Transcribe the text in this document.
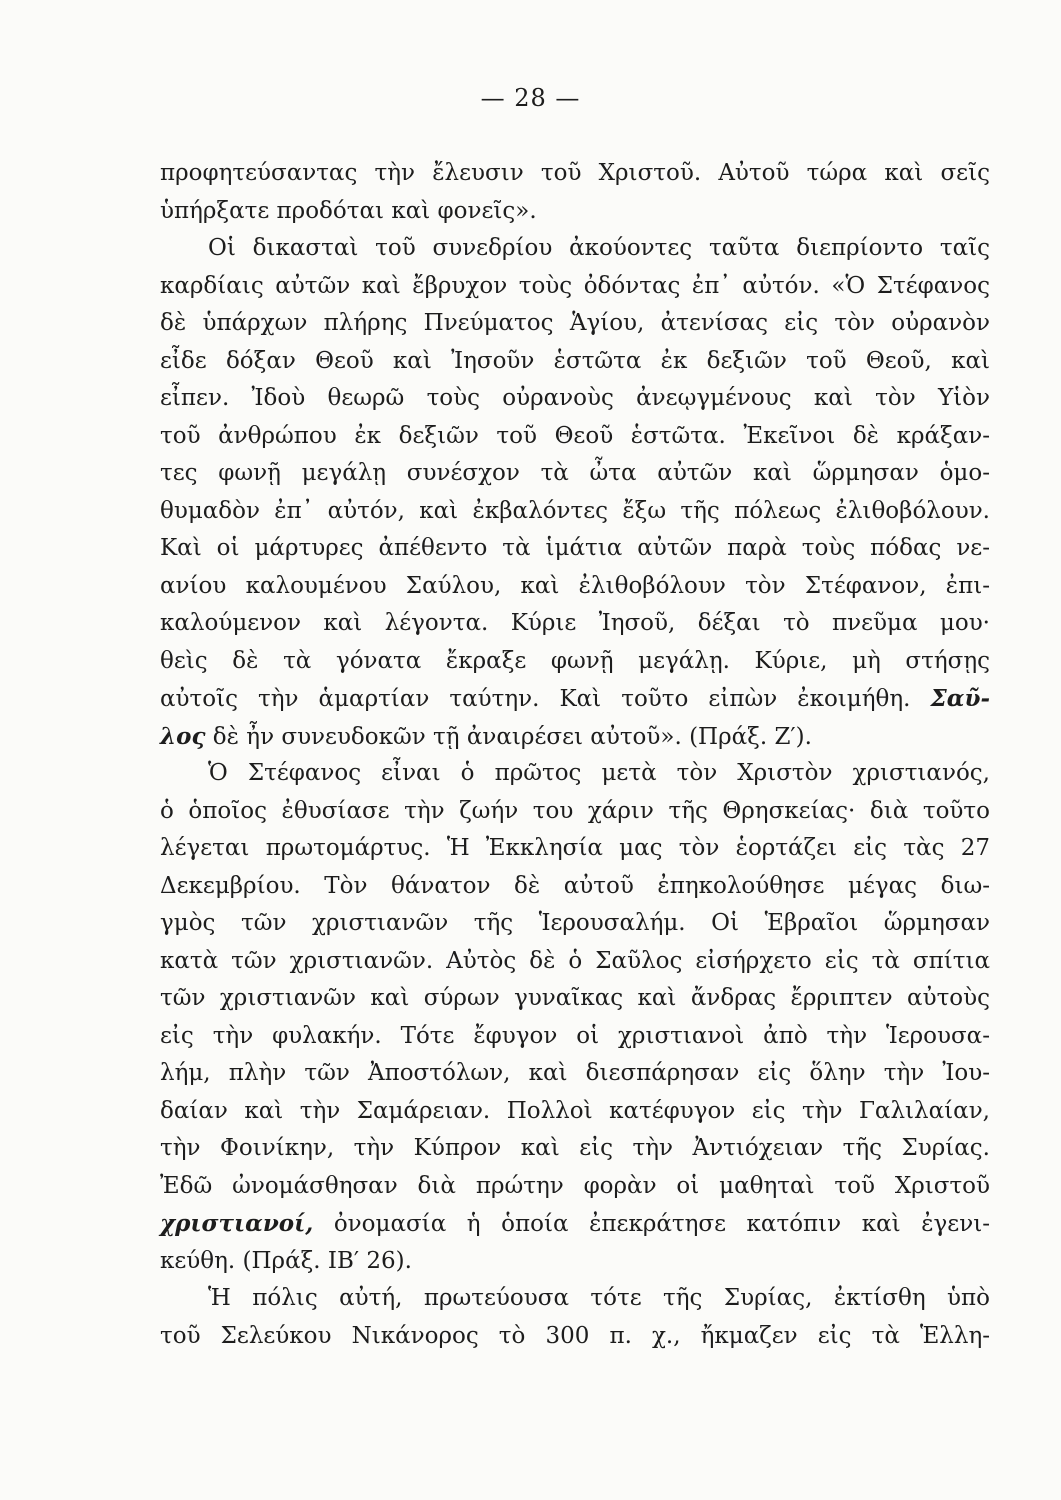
— 28 —
προφητεύσαντας τὴν ἔλευσιν τοῦ Χριστοῦ. Αὐτοῦ τώρα καὶ σεῖς
ὑπήρξατε προδόται καὶ φονεῖς».
Οἱ δικασταὶ τοῦ συνεδρίου ἀκούοντες ταῦτα διεπρίοντο ταῖς
καρδίαις αὐτῶν καὶ ἔβρυχον τοὺς ὀδόντας ἐπ᾽ αὐτόν. «Ὁ Στέφανος
δὲ ὑπάρχων πλήρης Πνεύματος Ἁγίου, ἀτενίσας εἰς τὸν οὐρανὸν
εἶδε δόξαν Θεοῦ καὶ Ἰησοῦν ἑστῶτα ἐκ δεξιῶν τοῦ Θεοῦ, καὶ
εἶπεν. Ἰδοὺ θεωρῶ τοὺς οὐρανοὺς ἀνεῳγμένους καὶ τὸν Υἱὸν
τοῦ ἀνθρώπου ἐκ δεξιῶν τοῦ Θεοῦ ἑστῶτα. Ἐκεῖνοι δὲ κράξαν-
τες φωνῇ μεγάλῃ συνέσχον τὰ ὦτα αὐτῶν καὶ ὥρμησαν ὁμο-
θυμαδὸν ἐπ᾽ αὐτόν, καὶ ἐκβαλόντες ἔξω τῆς πόλεως ἐλιθοβόλουν.
Καὶ οἱ μάρτυρες ἀπέθεντο τὰ ἱμάτια αὐτῶν παρὰ τοὺς πόδας νε-
ανίου καλουμένου Σαύλου, καὶ ἐλιθοβόλουν τὸν Στέφανον, ἐπι-
καλούμενον καὶ λέγοντα. Κύριε Ἰησοῦ, δέξαι τὸ πνεῦμα μου·
θεὶς δὲ τὰ γόνατα ἔκραξε φωνῇ μεγάλῃ. Κύριε, μὴ στήσῃς
αὐτοῖς τὴν ἁμαρτίαν ταύτην. Καὶ τοῦτο εἰπὼν ἐκοιμήθη. Σαῦ-
λος δὲ ἦν συνευδοκῶν τῇ ἀναιρέσει αὐτοῦ». (Πράξ. Ζ′).
Ὁ Στέφανος εἶναι ὁ πρῶτος μετὰ τὸν Χριστὸν χριστιανός,
ὁ ὁποῖος ἐθυσίασε τὴν ζωήν του χάριν τῆς Θρησκείας· διὰ τοῦτο
λέγεται πρωτομάρτυς. Ἡ Ἐκκλησία μας τὸν ἑορτάζει εἰς τὰς 27
Δεκεμβρίου. Τὸν θάνατον δὲ αὐτοῦ ἐπηκολούθησε μέγας διω-
γμὸς τῶν χριστιανῶν τῆς Ἱερουσαλήμ. Οἱ Ἑβραῖοι ὥρμησαν
κατὰ τῶν χριστιανῶν. Αὐτὸς δὲ ὁ Σαῦλος εἰσήρχετο εἰς τὰ σπίτια
τῶν χριστιανῶν καὶ σύρων γυναῖκας καὶ ἄνδρας ἔρριπτεν αὐτοὺς
εἰς τὴν φυλακήν. Τότε ἔφυγον οἱ χριστιανοὶ ἀπὸ τὴν Ἱερουσα-
λήμ, πλὴν τῶν Ἀποστόλων, καὶ διεσπάρησαν εἰς ὅλην τὴν Ἰου-
δαίαν καὶ τὴν Σαμάρειαν. Πολλοὶ κατέφυγον εἰς τὴν Γαλιλαίαν,
τὴν Φοινίκην, τὴν Κύπρον καὶ εἰς τὴν Ἀντιόχειαν τῆς Συρίας.
Ἐδῶ ὠνομάσθησαν διὰ πρώτην φορὰν οἱ μαθηταὶ τοῦ Χριστοῦ
χριστιανοί, ὀνομασία ἡ ὁποία ἐπεκράτησε κατόπιν καὶ ἐγενι-
κεύθη. (Πράξ. ΙΒ′ 26).
Ἡ πόλις αὐτή, πρωτεύουσα τότε τῆς Συρίας, ἐκτίσθη ὑπὸ
τοῦ Σελεύκου Νικάνορος τὸ 300 π. χ., ἤκμαζεν εἰς τὰ Ἑλλη-
